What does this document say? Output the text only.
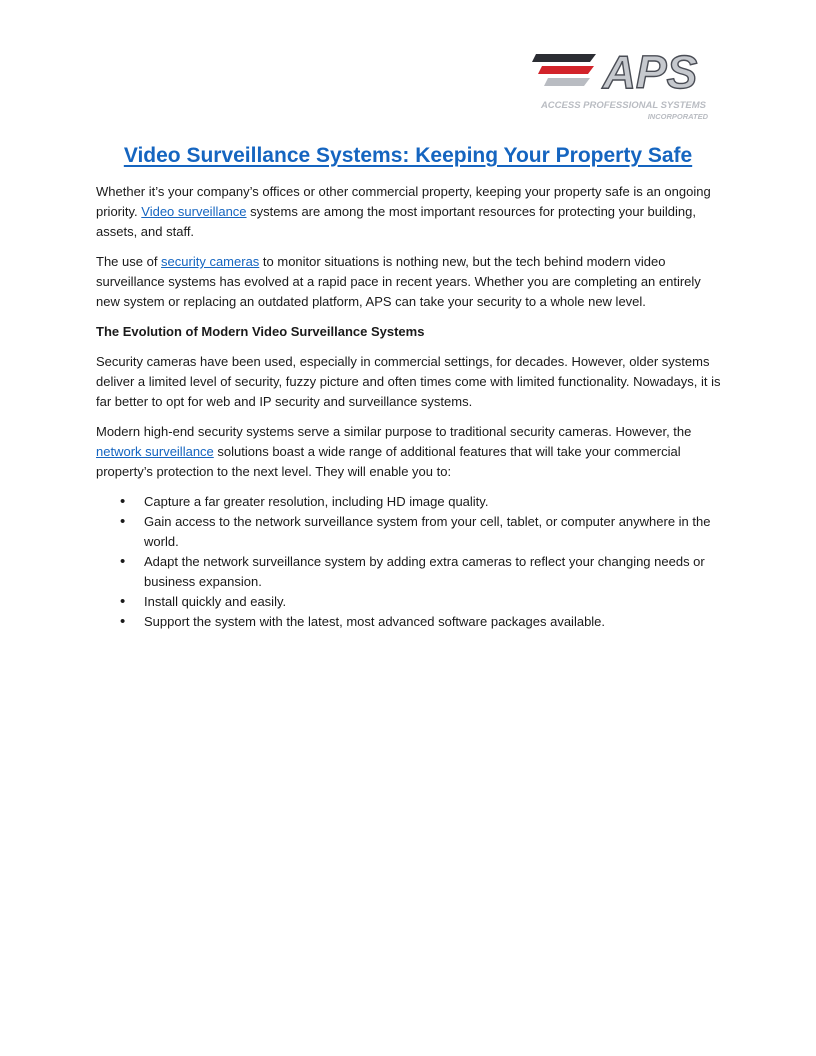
APS
ACCESS PROFESSIONAL SYSTEMS
INCORPORATED
Video Surveillance Systems: Keeping Your Property Safe

Whether it’s your company’s offices or other commercial property, keeping your property safe is an ongoing priority. Video surveillance systems are among the most important resources for protecting your building, assets, and staff.

The use of security cameras to monitor situations is nothing new, but the tech behind modern video surveillance systems has evolved at a rapid pace in recent years. Whether you are completing an entirely new system or replacing an outdated platform, APS can take your security to a whole new level.

The Evolution of Modern Video Surveillance Systems

Security cameras have been used, especially in commercial settings, for decades. However, older systems deliver a limited level of security, fuzzy picture and often times come with limited functionality. Nowadays, it is far better to opt for web and IP security and surveillance systems.

Modern high-end security systems serve a similar purpose to traditional security cameras. However, the network surveillance solutions boast a wide range of additional features that will take your commercial property’s protection to the next level. They will enable you to:

• Capture a far greater resolution, including HD image quality.
• Gain access to the network surveillance system from your cell, tablet, or computer anywhere in the world.
• Adapt the network surveillance system by adding extra cameras to reflect your changing needs or business expansion.
• Install quickly and easily.
• Support the system with the latest, most advanced software packages available.
